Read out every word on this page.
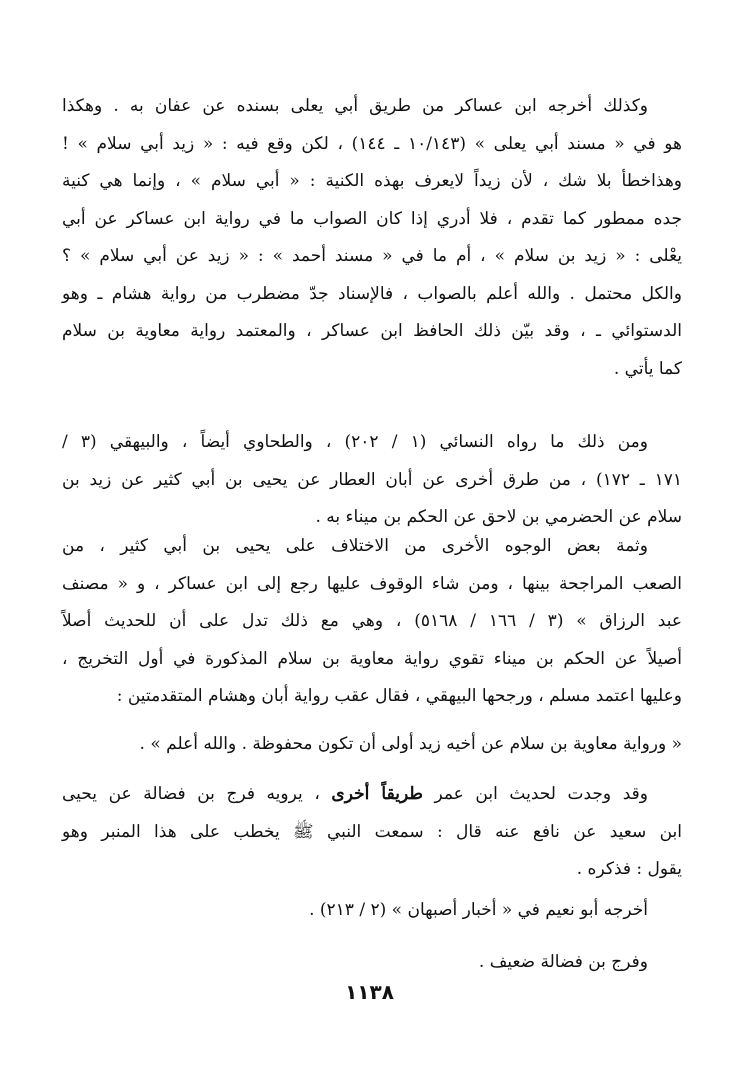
وكذلك أخرجه ابن عساكر من طريق أبي يعلى بسنده عن عفان به . وهكذا
هو في « مسند أبي يعلى » (١٠/١٤٣ ـ ١٤٤) ، لكن وقع فيه : « زيد أبي سلام » !
وهذاخطأ بلا شك ، لأن زيداً لايعرف بهذه الكنية : « أبي سلام » ، وإنما هي كنية
جده ممطور كما تقدم ، فلا أدري إذا كان الصواب ما في رواية ابن عساكر عن أبي
يعْلى : « زيد بن سلام » ، أم ما في « مسند أحمد » : « زيد عن أبي سلام » ؟
والكل محتمل . والله أعلم بالصواب ، فالإسناد جدّ مضطرب من رواية هشام ـ وهو
الدستوائي ـ ، وقد بيّن ذلك الحافظ ابن عساكر ، والمعتمد رواية معاوية بن سلام
كما يأتي .
ومن ذلك ما رواه النسائي (١ / ٢٠٢) ، والطحاوي أيضاً ، والبيهقي (٣ /
١٧١ ـ ١٧٢) ، من طرق أخرى عن أبان العطار عن يحيى بن أبي كثير عن زيد بن
سلام عن الحضرمي بن لاحق عن الحكم بن ميناء به .
وثمة بعض الوجوه الأخرى من الاختلاف على يحيى بن أبي كثير ، من
الصعب المراجحة بينها ، ومن شاء الوقوف عليها رجع إلى ابن عساكر ، و « مصنف
عبد الرزاق » (٣ / ١٦٦ / ٥١٦٨) ، وهي مع ذلك تدل على أن للحديث أصلاً
أصيلاً عن الحكم بن ميناء تقوي رواية معاوية بن سلام المذكورة في أول التخريج ،
وعليها اعتمد مسلم ، ورجحها البيهقي ، فقال عقب رواية أبان وهشام المتقدمتين :
« ورواية معاوية بن سلام عن أخيه زيد أولى أن تكون محفوظة . والله أعلم » .
وقد وجدت لحديث ابن عمر طريقاً أخرى ، يرويه فرج بن فضالة عن يحيى
ابن سعيد عن نافع عنه قال : سمعت النبي ﷺ يخطب على هذا المنبر وهو
يقول : فذكره .
أخرجه أبو نعيم في « أخبار أصبهان » (٢ / ٢١٣) .
وفرج بن فضالة ضعيف .
١١٣٨
